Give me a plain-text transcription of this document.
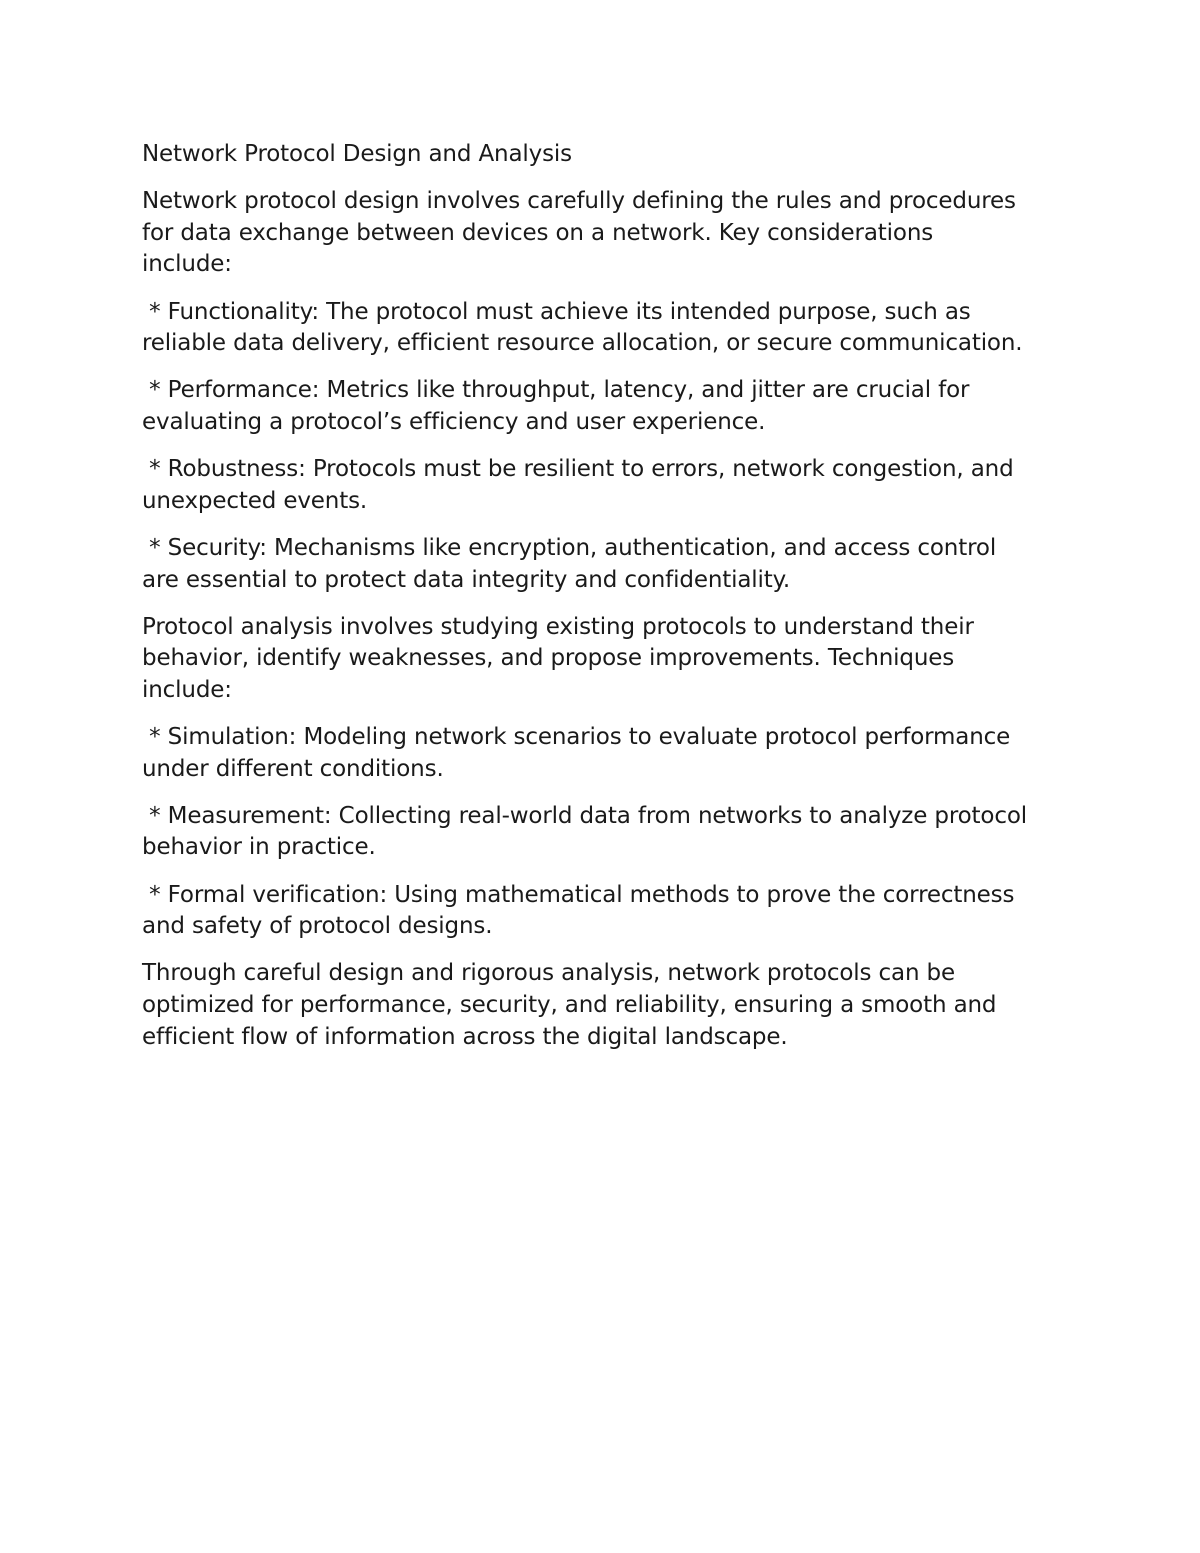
Network Protocol Design and Analysis

Network protocol design involves carefully defining the rules and procedures
for data exchange between devices on a network. Key considerations
include:

* Functionality: The protocol must achieve its intended purpose, such as
reliable data delivery, efficient resource allocation, or secure communication.

* Performance: Metrics like throughput, latency, and jitter are crucial for
evaluating a protocol’s efficiency and user experience.

* Robustness: Protocols must be resilient to errors, network congestion, and
unexpected events.

* Security: Mechanisms like encryption, authentication, and access control
are essential to protect data integrity and confidentiality.

Protocol analysis involves studying existing protocols to understand their
behavior, identify weaknesses, and propose improvements. Techniques
include:

* Simulation: Modeling network scenarios to evaluate protocol performance
under different conditions.

* Measurement: Collecting real-world data from networks to analyze protocol
behavior in practice.

* Formal verification: Using mathematical methods to prove the correctness
and safety of protocol designs.

Through careful design and rigorous analysis, network protocols can be
optimized for performance, security, and reliability, ensuring a smooth and
efficient flow of information across the digital landscape.
